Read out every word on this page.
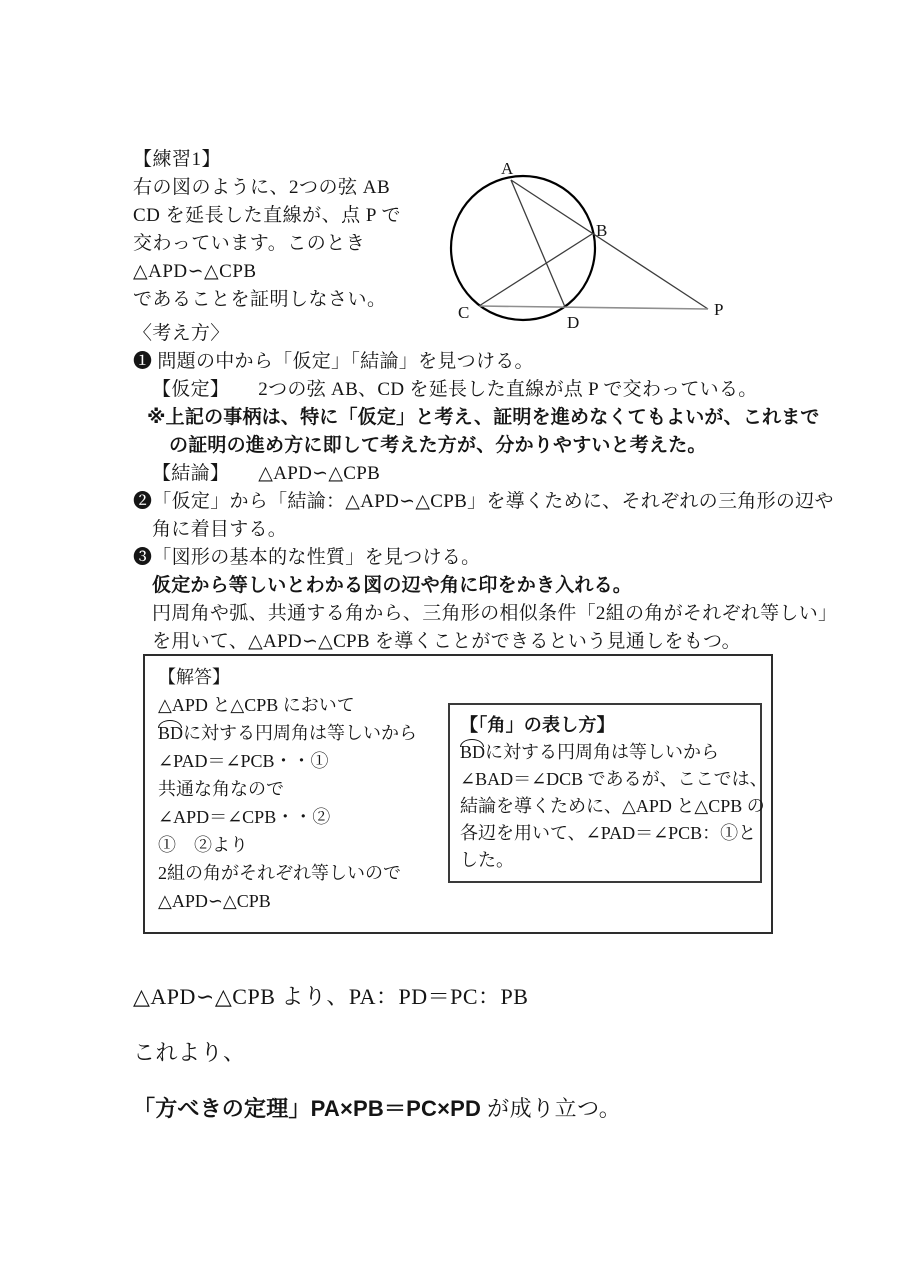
【練習1】
右の図のように、2つの弦 AB
CD を延長した直線が、点 P で
交わっています。このとき
△APD∽△CPB
であることを証明しなさい。
A
B
C
D
P
〈考え方〉
❶ 問題の中から「仮定」「結論」を見つける。
【仮定】　　2つの弦 AB、CD を延長した直線が点 P で交わっている。
※上記の事柄は、特に「仮定」と考え、証明を進めなくてもよいが、これまで
の証明の進め方に即して考えた方が、分かりやすいと考えた。
【結論】　　△APD∽△CPB
❷「仮定」から「結論：△APD∽△CPB」を導くために、それぞれの三角形の辺や
角に着目する。
❸「図形の基本的な性質」を見つける。
仮定から等しいとわかる図の辺や角に印をかき入れる。
円周角や弧、共通する角から、三角形の相似条件「2組の角がそれぞれ等しい」
を用いて、△APD∽△CPB を導くことができるという見通しをもつ。
【解答】
△APD と△CPB において
BDに対する円周角は等しいから
∠PAD＝∠PCB・・①
共通な角なので
∠APD＝∠CPB・・②
①　②より
2組の角がそれぞれ等しいので
△APD∽△CPB
【「角」の表し方】
BDに対する円周角は等しいから
∠BAD＝∠DCB であるが、ここでは、
結論を導くために、△APD と△CPB の
各辺を用いて、∠PAD＝∠PCB：①と
した。
△APD∽△CPB より、PA：PD＝PC：PB
これより、
「方べきの定理」PA×PB＝PC×PD が成り立つ。
